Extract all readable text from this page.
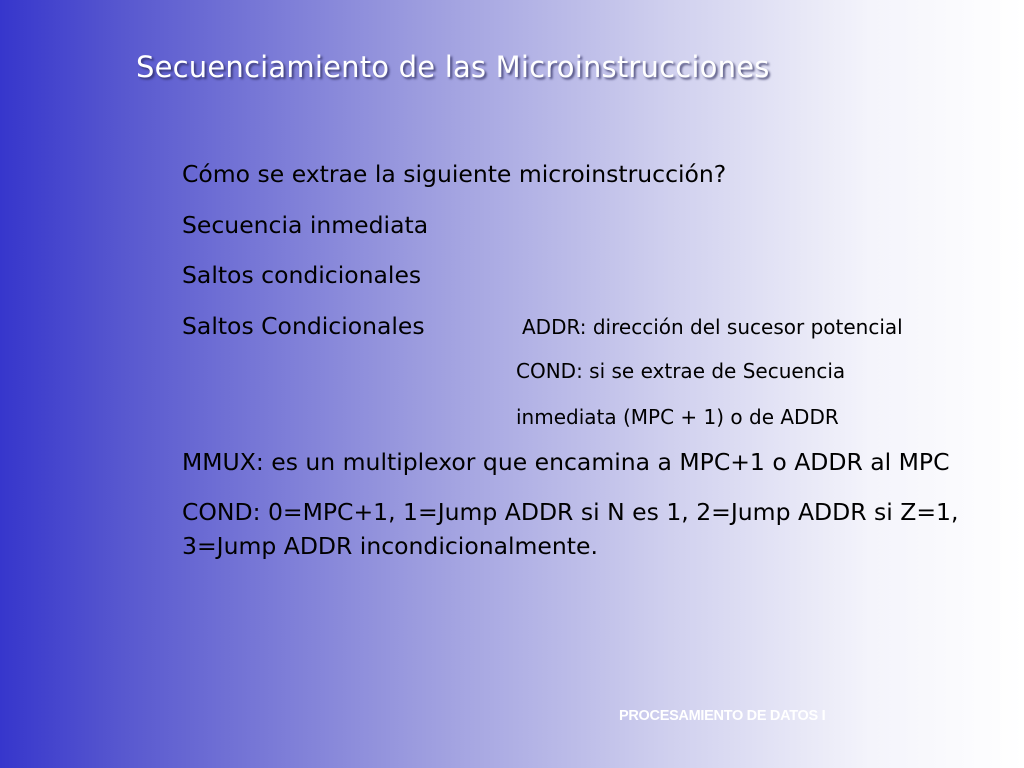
Secuenciamiento de las Microinstrucciones
Cómo se extrae la siguiente microinstrucción?
Secuencia inmediata
Saltos condicionales
Saltos Condicionales	ADDR: dirección del sucesor potencial
COND: si se extrae de Secuencia
inmediata (MPC + 1) o de ADDR
MMUX: es un multiplexor que encamina a MPC+1 o ADDR al MPC
COND: 0=MPC+1, 1=Jump ADDR si N es 1, 2=Jump ADDR si Z=1, 3=Jump ADDR incondicionalmente.
PROCESAMIENTO DE DATOS I
